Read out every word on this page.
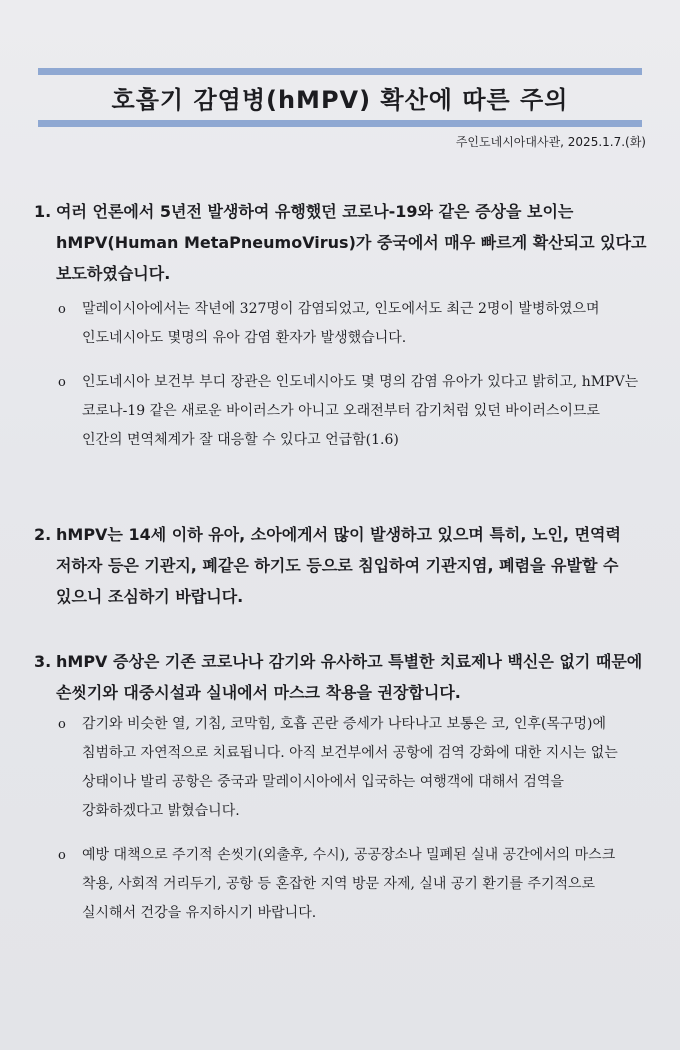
호흡기 감염병(hMPV) 확산에 따른 주의
주인도네시아대사관, 2025.1.7.(화)
1. 여러 언론에서 5년전 발생하여 유행했던 코로나-19와 같은 증상을 보이는 hMPV(Human MetaPneumoVirus)가 중국에서 매우 빠르게 확산되고 있다고 보도하였습니다.
o 말레이시아에서는 작년에 327명이 감염되었고, 인도에서도 최근 2명이 발병하였으며 인도네시아도 몇명의 유아 감염 환자가 발생했습니다.
o 인도네시아 보건부 부디 장관은 인도네시아도 몇 명의 감염 유아가 있다고 밝히고, hMPV는 코로나-19 같은 새로운 바이러스가 아니고 오래전부터 감기처럼 있던 바이러스이므로 인간의 면역체계가 잘 대응할 수 있다고 언급함(1.6)
2. hMPV는 14세 이하 유아, 소아에게서 많이 발생하고 있으며 특히, 노인, 면역력 저하자 등은 기관지, 폐같은 하기도 등으로 침입하여 기관지염, 폐렴을 유발할 수 있으니 조심하기 바랍니다.
3. hMPV 증상은 기존 코로나나 감기와 유사하고 특별한 치료제나 백신은 없기 때문에 손씻기와 대중시설과 실내에서 마스크 착용을 권장합니다.
o 감기와 비슷한 열, 기침, 코막힘, 호흡 곤란 증세가 나타나고 보통은 코, 인후(목구멍)에 침범하고 자연적으로 치료됩니다. 아직 보건부에서 공항에 검역 강화에 대한 지시는 없는 상태이나 발리 공항은 중국과 말레이시아에서 입국하는 여행객에 대해서 검역을 강화하겠다고 밝혔습니다.
o 예방 대책으로 주기적 손씻기(외출후, 수시), 공공장소나 밀폐된 실내 공간에서의 마스크 착용, 사회적 거리두기, 공항 등 혼잡한 지역 방문 자제, 실내 공기 환기를 주기적으로 실시해서 건강을 유지하시기 바랍니다.
